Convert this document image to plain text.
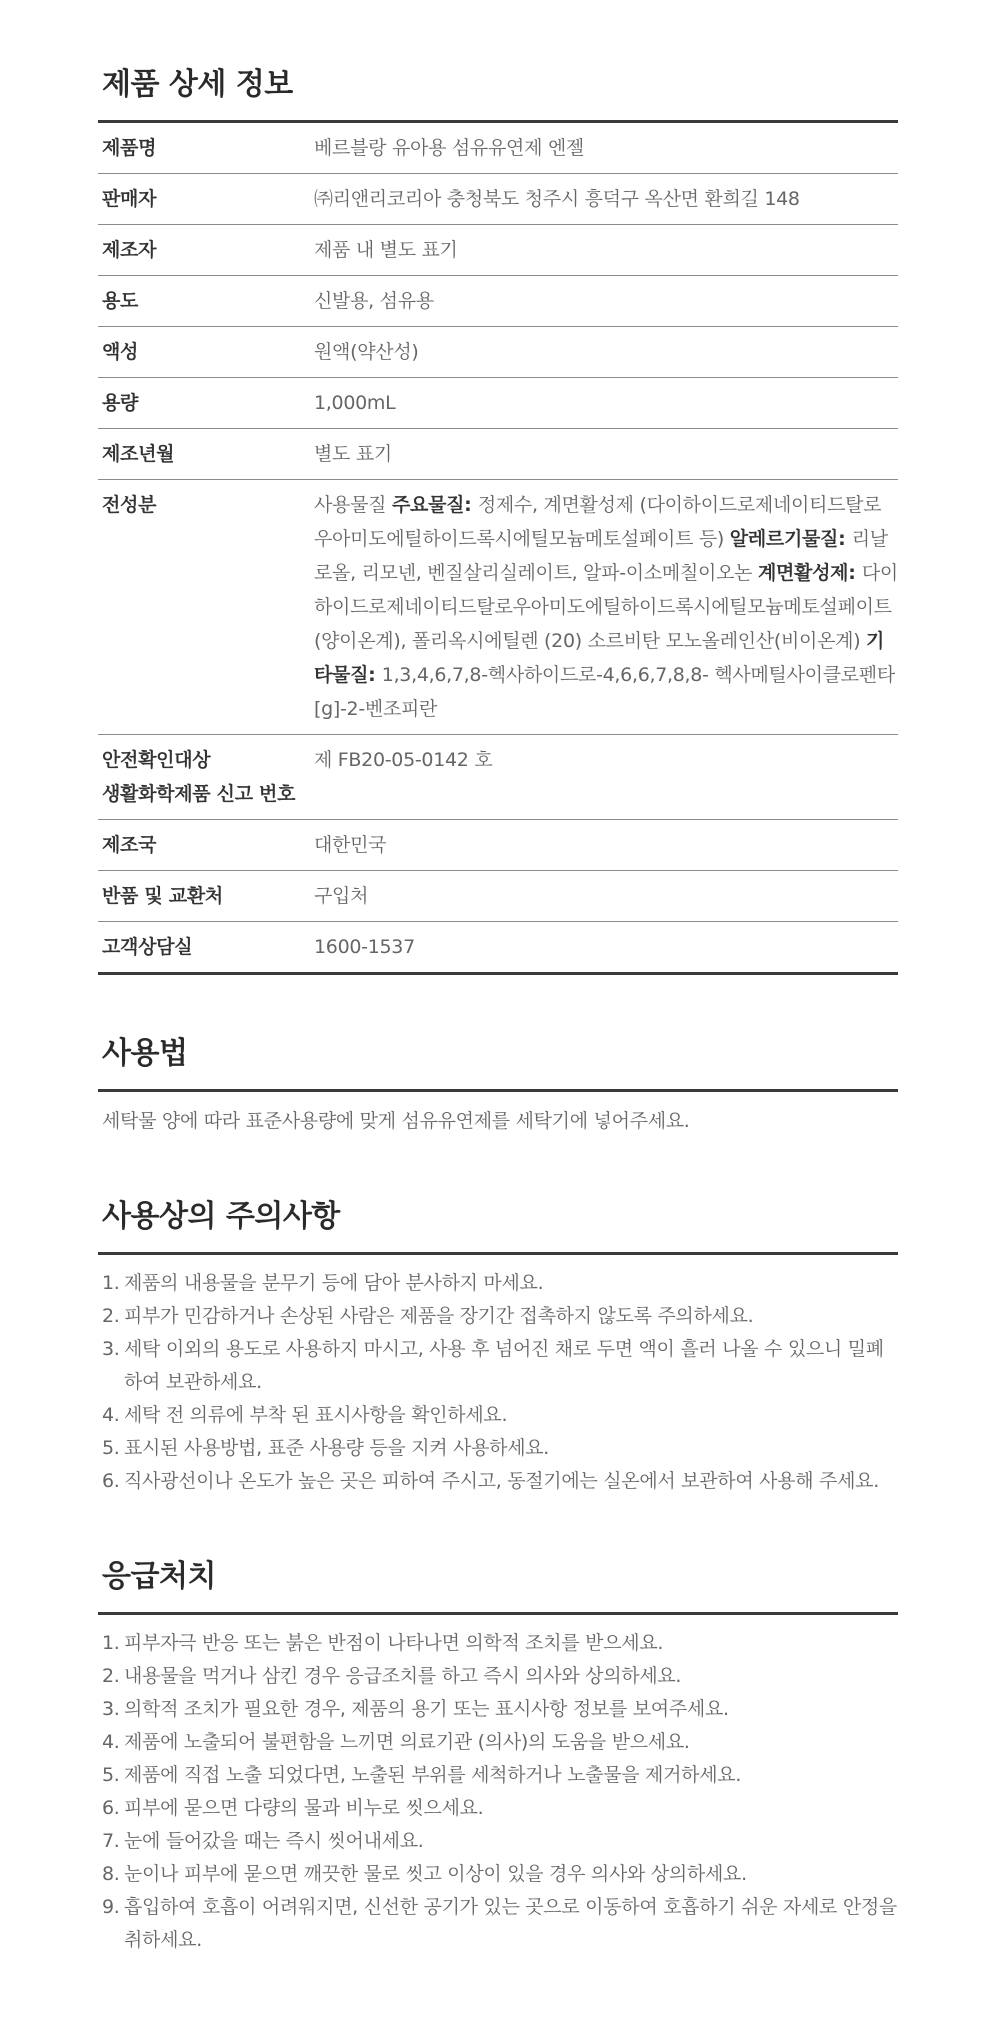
제품 상세 정보
제품명	베르블랑 유아용 섬유유연제 엔젤
판매자	㈜리앤리코리아 충청북도 청주시 흥덕구 옥산면 환희길 148
제조자	제품 내 별도 표기
용도	신발용, 섬유용
액성	원액(약산성)
용량	1,000mL
제조년월	별도 표기
전성분	사용물질 주요물질: 정제수, 계면활성제 (다이하이드로제네이티드탈로우아미도에틸하이드록시에틸모늄메토설페이트 등) 알레르기물질: 리날로올, 리모넨, 벤질살리실레이트, 알파-이소메칠이오논 계면활성제: 다이하이드로제네이티드탈로우아미도에틸하이드록시에틸모늄메토설페이트(양이온계), 폴리옥시에틸렌 (20) 소르비탄 모노올레인산(비이온계) 기타물질: 1,3,4,6,7,8-헥사하이드로-4,6,6,7,8,8- 헥사메틸사이클로펜타[g]-2-벤조피란

안전확인대상
생활화학제품 신고 번호	제 FB20-05-0142 호
제조국	대한민국
반품 및 교환처	구입처
고객상담실	1600-1537
사용법

세탁물 양에 따라 표준사용량에 맞게 섬유유연제를 세탁기에 넣어주세요.

사용상의 주의사항
1. 제품의 내용물을 분무기 등에 담아 분사하지 마세요.
2. 피부가 민감하거나 손상된 사람은 제품을 장기간 접촉하지 않도록 주의하세요.
3. 세탁 이외의 용도로 사용하지 마시고, 사용 후 넘어진 채로 두면 액이 흘러 나올 수 있으니 밀폐하여 보관하세요.
4. 세탁 전 의류에 부착 된 표시사항을 확인하세요.
5. 표시된 사용방법, 표준 사용량 등을 지켜 사용하세요.
6. 직사광선이나 온도가 높은 곳은 피하여 주시고, 동절기에는 실온에서 보관하여 사용해 주세요.
응급처치
1. 피부자극 반응 또는 붉은 반점이 나타나면 의학적 조치를 받으세요.
2. 내용물을 먹거나 삼킨 경우 응급조치를 하고 즉시 의사와 상의하세요.
3. 의학적 조치가 필요한 경우, 제품의 용기 또는 표시사항 정보를 보여주세요.
4. 제품에 노출되어 불편함을 느끼면 의료기관 (의사)의 도움을 받으세요.
5. 제품에 직접 노출 되었다면, 노출된 부위를 세척하거나 노출물을 제거하세요.
6. 피부에 묻으면 다량의 물과 비누로 씻으세요.
7. 눈에 들어갔을 때는 즉시 씻어내세요.
8. 눈이나 피부에 묻으면 깨끗한 물로 씻고 이상이 있을 경우 의사와 상의하세요.
9. 흡입하여 호흡이 어려워지면, 신선한 공기가 있는 곳으로 이동하여 호흡하기 쉬운 자세로 안정을 취하세요.
